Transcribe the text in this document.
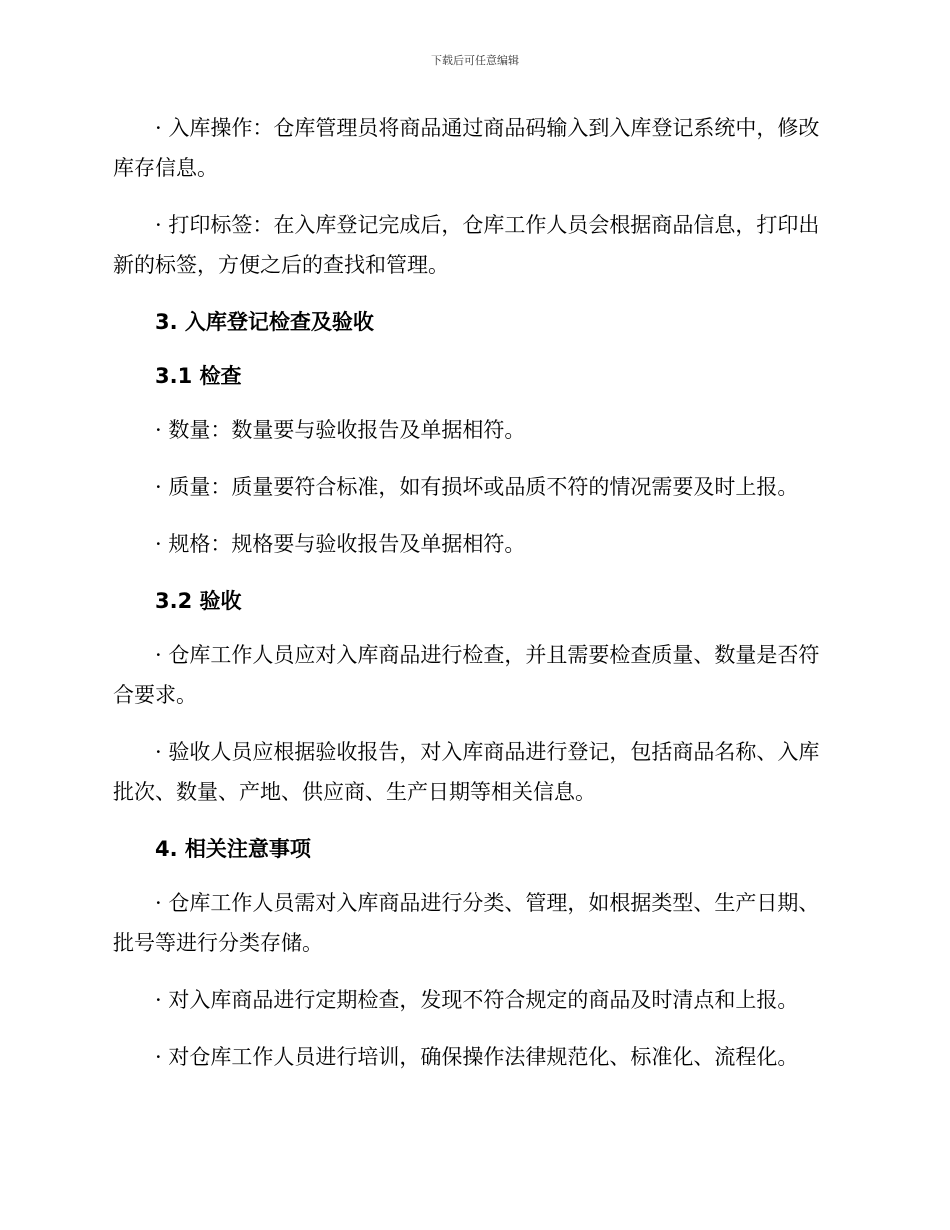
下载后可任意编辑

· 入库操作：仓库管理员将商品通过商品码输入到入库登记系统中，修改库存信息。

· 打印标签：在入库登记完成后，仓库工作人员会根据商品信息，打印出新的标签，方便之后的查找和管理。

3. 入库登记检查及验收

3.1 检查

· 数量：数量要与验收报告及单据相符。

· 质量：质量要符合标准，如有损坏或品质不符的情况需要及时上报。

· 规格：规格要与验收报告及单据相符。

3.2 验收

· 仓库工作人员应对入库商品进行检查，并且需要检查质量、数量是否符合要求。

· 验收人员应根据验收报告，对入库商品进行登记，包括商品名称、入库批次、数量、产地、供应商、生产日期等相关信息。

4. 相关注意事项

· 仓库工作人员需对入库商品进行分类、管理，如根据类型、生产日期、批号等进行分类存储。

· 对入库商品进行定期检查，发现不符合规定的商品及时清点和上报。

· 对仓库工作人员进行培训，确保操作法律规范化、标准化、流程化。
